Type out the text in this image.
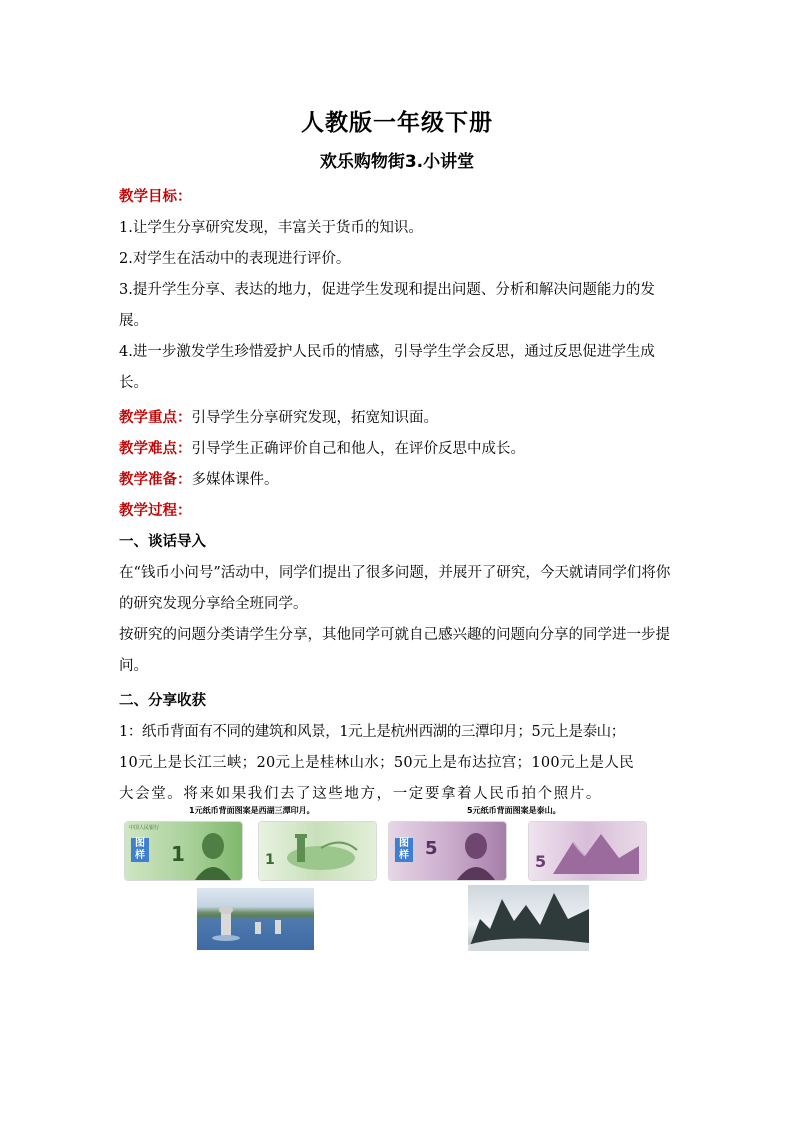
人教版一年级下册
欢乐购物街3.小讲堂
教学目标：
1.让学生分享研究发现，丰富关于货币的知识。
2.对学生在活动中的表现进行评价。
3.提升学生分享、表达的地力，促进学生发现和提出问题、分析和解决问题能力的发展。
4.进一步激发学生珍惜爱护人民币的情感，引导学生学会反思，通过反思促进学生成长。
教学重点：引导学生分享研究发现，拓宽知识面。
教学难点：引导学生正确评价自己和他人，在评价反思中成长。
教学准备：多媒体课件。
教学过程：
一、谈话导入
在“钱币小问号”活动中，同学们提出了很多问题，并展开了研究，今天就请同学们将你的研究发现分享给全班同学。
按研究的问题分类请学生分享，其他同学可就自己感兴趣的问题向分享的同学进一步提问。
二、分享收获
1：纸币背面有不同的建筑和风景，1元上是杭州西湖的三潭印月；5元上是泰山；
10元上是长江三峡；20元上是桂林山水；50元上是布达拉宫；100元上是人民
大会堂。将来如果我们去了这些地方，一定要拿着人民币拍个照片。
1元纸币背面图案是西湖三潭印月。	5元纸币背面图案是泰山。
中国人民银行
图样 1	1
图样 5
5
